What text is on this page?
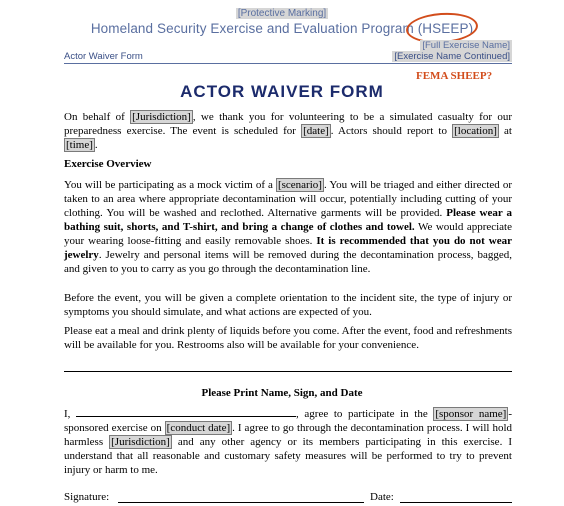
[Protective Marking]
Homeland Security Exercise and Evaluation Program (HSEEP)
[Full Exercise Name]
Actor Waiver Form	[Exercise Name Continued]
FEMA SHEEP?
ACTOR WAIVER FORM

On behalf of [Jurisdiction] , we thank you for volunteering to be a simulated casualty for our preparedness exercise. The event is scheduled for [date] . Actors should report to [location] at [time] .

Exercise Overview

You will be participating as a mock victim of a [scenario] . You will be triaged and either directed or taken to an area where appropriate decontamination will occur, potentially including cutting of your clothing. You will be washed and reclothed. Alternative garments will be provided. Please wear a bathing suit, shorts, and T-shirt, and bring a change of clothes and towel. We would appreciate your wearing loose-fitting and easily removable shoes. It is recommended that you do not wear jewelry. Jewelry and personal items will be removed during the decontamination process, bagged, and given to you to carry as you go through the decontamination line.

Before the event, you will be given a complete orientation to the incident site, the type of injury or symptoms you should simulate, and what actions are expected of you.

Please eat a meal and drink plenty of liquids before you come. After the event, food and refreshments will be available for you. Restrooms also will be available for your convenience.

Please Print Name, Sign, and Date

I,	, agree to participate in the [sponsor name] -sponsored exercise on [conduct date] . I agree to go through the decontamination process. I will hold harmless [Jurisdiction] and any other agency or its members participating in this exercise. I understand that all reasonable and customary safety measures will be performed to try to prevent injury or harm to me.

Signature:	Date:
